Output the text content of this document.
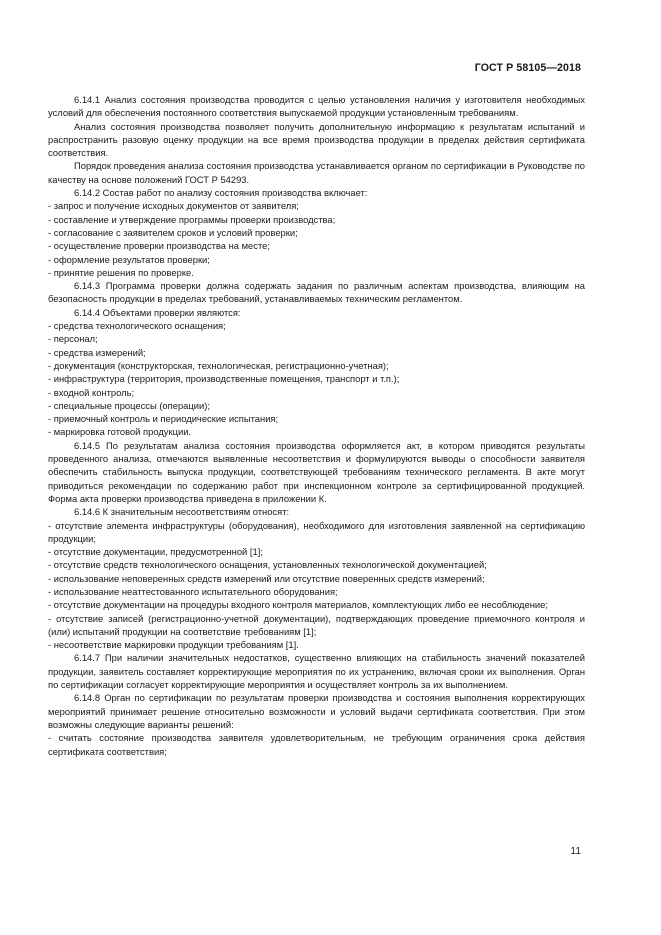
ГОСТ Р 58105—2018

6.14.1 Анализ состояния производства проводится с целью установления наличия у изготовителя необходимых условий для обеспечения постоянного соответствия выпускаемой продукции установленным требованиям.

Анализ состояния производства позволяет получить дополнительную информацию к результатам испытаний и распространить разовую оценку продукции на все время производства продукции в пределах действия сертификата соответствия.

Порядок проведения анализа состояния производства устанавливается органом по сертификации в Руководстве по качеству на основе положений ГОСТ Р 54293.

6.14.2 Состав работ по анализу состояния производства включает:

- запрос и получение исходных документов от заявителя;

- составление и утверждение программы проверки производства;

- согласование с заявителем сроков и условий проверки;

- осуществление проверки производства на месте;

- оформление результатов проверки;

- принятие решения по проверке.

6.14.3 Программа проверки должна содержать задания по различным аспектам производства, влияющим на безопасность продукции в пределах требований, устанавливаемых техническим регламентом.

6.14.4 Объектами проверки являются:

- средства технологического оснащения;

- персонал;

- средства измерений;

- документация (конструкторская, технологическая, регистрационно-учетная);

- инфраструктура (территория, производственные помещения, транспорт и т.п.);

- входной контроль;

- специальные процессы (операции);

- приемочный контроль и периодические испытания;

- маркировка готовой продукции.

6.14.5 По результатам анализа состояния производства оформляется акт, в котором приводятся результаты проведенного анализа, отмечаются выявленные несоответствия и формулируются выводы о способности заявителя обеспечить стабильность выпуска продукции, соответствующей требованиям технического регламента. В акте могут приводиться рекомендации по содержанию работ при инспекционном контроле за сертифицированной продукцией. Форма акта проверки производства приведена в приложении К.

6.14.6 К значительным несоответствиям относят:

- отсутствие элемента инфраструктуры (оборудования), необходимого для изготовления заявленной на сертификацию продукции;

- отсутствие документации, предусмотренной [1];

- отсутствие средств технологического оснащения, установленных технологической документацией;

- использование неповеренных средств измерений или отсутствие поверенных средств измерений;

- использование неаттестованного испытательного оборудования;

- отсутствие документации на процедуры входного контроля материалов, комплектующих либо ее несоблюдение;

- отсутствие записей (регистрационно-учетной документации), подтверждающих проведение приемочного контроля и (или) испытаний продукции на соответствие требованиям [1];

- несоответствие маркировки продукции требованиям [1].

6.14.7 При наличии значительных недостатков, существенно влияющих на стабильность значений показателей продукции, заявитель составляет корректирующие мероприятия по их устранению, включая сроки их выполнения. Орган по сертификации согласует корректирующие мероприятия и осуществляет контроль за их выполнением.

6.14.8 Орган по сертификации по результатам проверки производства и состояния выполнения корректирующих мероприятий принимает решение относительно возможности и условий выдачи сертификата соответствия. При этом возможны следующие варианты решений:

- считать состояние производства заявителя удовлетворительным, не требующим ограничения срока действия сертификата соответствия;

11
